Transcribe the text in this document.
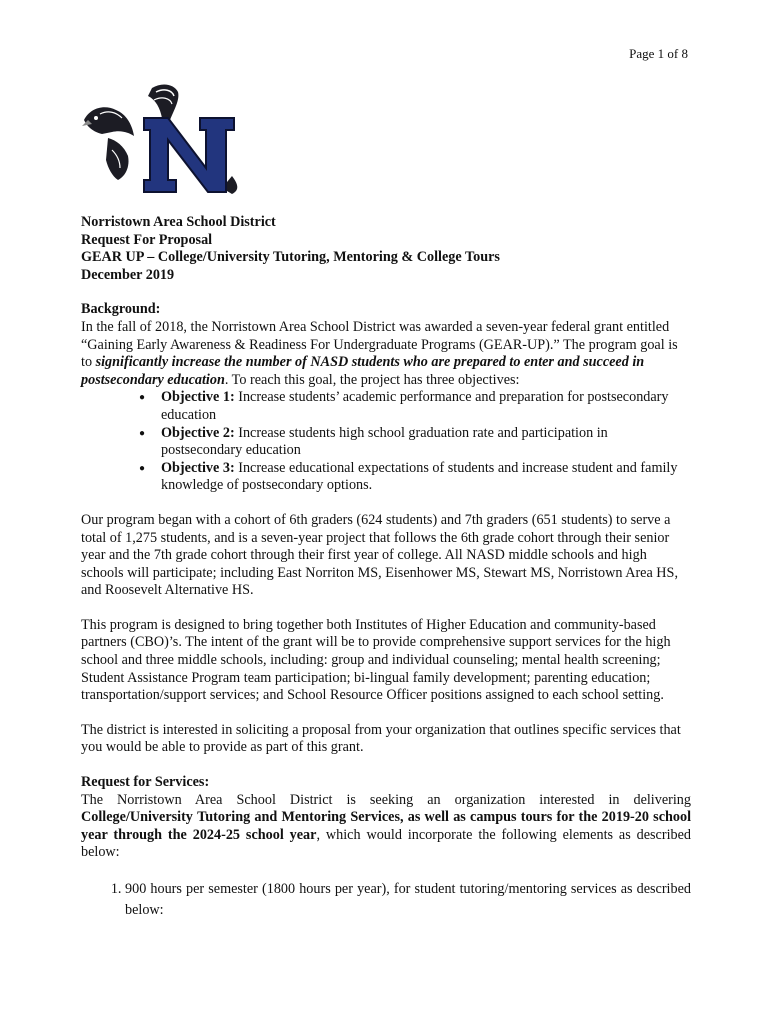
Page 1 of 8
Norristown Area School District
Request For Proposal
GEAR UP – College/University Tutoring, Mentoring & College Tours
December 2019
Background:

In the fall of 2018, the Norristown Area School District was awarded a seven-year federal grant entitled “Gaining Early Awareness & Readiness For Undergraduate Programs (GEAR-UP).” The program goal is to significantly increase the number of NASD students who are prepared to enter and succeed in postsecondary education. To reach this goal, the project has three objectives:

● Objective 1: Increase students’ academic performance and preparation for postsecondary education
● Objective 2: Increase students high school graduation rate and participation in postsecondary education
● Objective 3: Increase educational expectations of students and increase student and family knowledge of postsecondary options.

Our program began with a cohort of 6th graders (624 students) and 7th graders (651 students) to serve a total of 1,275 students, and is a seven-year project that follows the 6th grade cohort through their senior year and the 7th grade cohort through their first year of college. All NASD middle schools and high schools will participate; including East Norriton MS, Eisenhower MS, Stewart MS, Norristown Area HS, and Roosevelt Alternative HS.

This program is designed to bring together both Institutes of Higher Education and community-based partners (CBO)’s. The intent of the grant will be to provide comprehensive support services for the high school and three middle schools, including: group and individual counseling; mental health screening; Student Assistance Program team participation; bi-lingual family development; parenting education; transportation/support services; and School Resource Officer positions assigned to each school setting.

The district is interested in soliciting a proposal from your organization that outlines specific services that you would be able to provide as part of this grant.

Request for Services:

The Norristown Area School District is seeking an organization interested in delivering College/University Tutoring and Mentoring Services, as well as campus tours for the 2019-20 school year through the 2024-25 school year, which would incorporate the following elements as described below:

1. 900 hours per semester (1800 hours per year), for student tutoring/mentoring services as described below:
